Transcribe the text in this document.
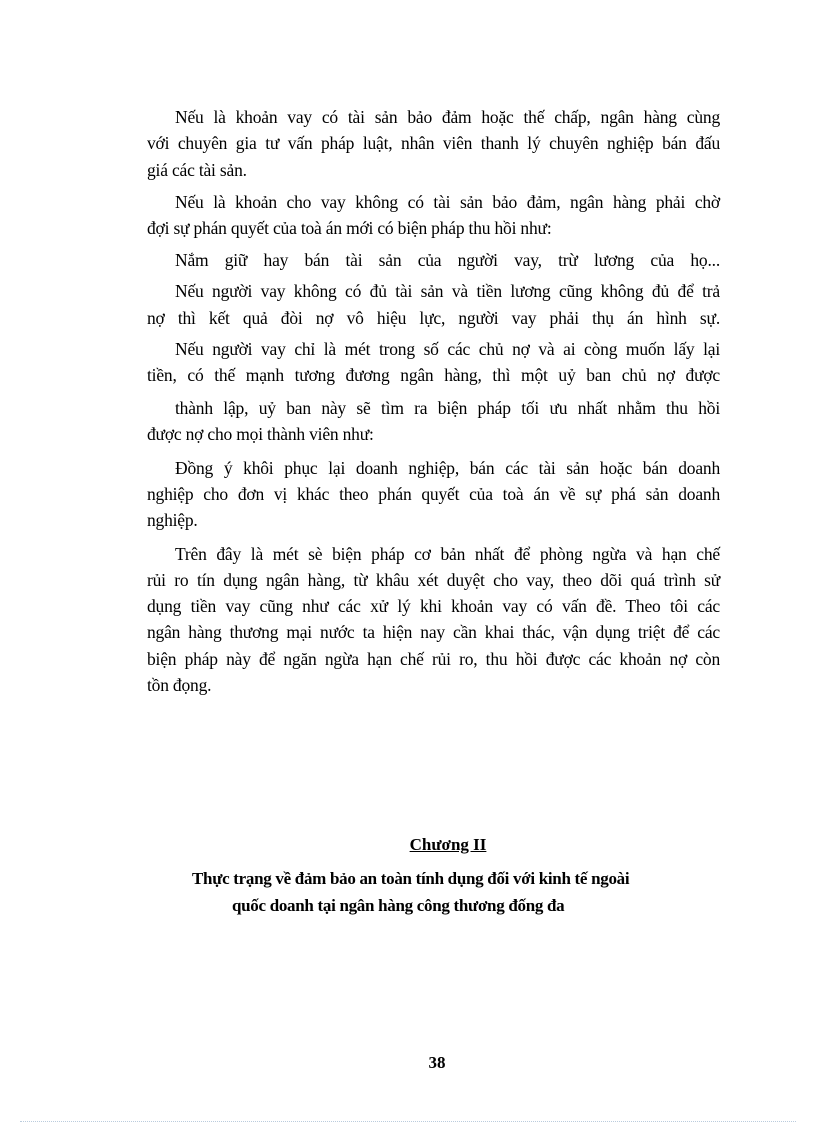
Nếu là khoản vay có tài sản bảo đảm hoặc thế chấp, ngân hàng cùng
với chuyên gia tư vấn pháp luật, nhân viên thanh lý chuyên nghiệp bán đấu
giá các tài sản.
Nếu là khoản cho vay không có tài sản bảo đảm, ngân hàng phải chờ
đợi sự phán quyết của toà án mới có biện pháp thu hồi như:
Nắm giữ hay bán tài sản của người vay, trừ lương của họ...
Nếu người vay không có đủ tài sản và tiền lương cũng không đủ để trả
nợ thì kết quả đòi nợ vô hiệu lực, người vay phải thụ án hình sự.
Nếu người vay chỉ là mét trong số các chủ nợ và ai còng muốn lấy lại
tiền, có thế mạnh tương đương ngân hàng, thì một uỷ ban chủ nợ được
thành lập, uỷ ban này sẽ tìm ra biện pháp tối ưu nhất nhằm thu hồi
được nợ cho mọi thành viên như:
Đồng ý khôi phục lại doanh nghiệp, bán các tài sản hoặc bán doanh
nghiệp cho đơn vị khác theo phán quyết của toà án về sự phá sản doanh
nghiệp.
Trên đây là mét sè biện pháp cơ bản nhất để phòng ngừa và hạn chế
rủi ro tín dụng ngân hàng, từ khâu xét duyệt cho vay, theo dõi quá trình sử
dụng tiền vay cũng như các xử lý khi khoản vay có vấn đề. Theo tôi các
ngân hàng thương mại nước ta hiện nay cần khai thác, vận dụng triệt để các
biện pháp này để ngăn ngừa hạn chế rủi ro, thu hồi được các khoản nợ còn
tồn đọng.
Chương II
Thực trạng về đảm bảo an toàn tính dụng đối với kinh tế ngoài
quốc doanh tại ngân hàng công thương đống đa
38
